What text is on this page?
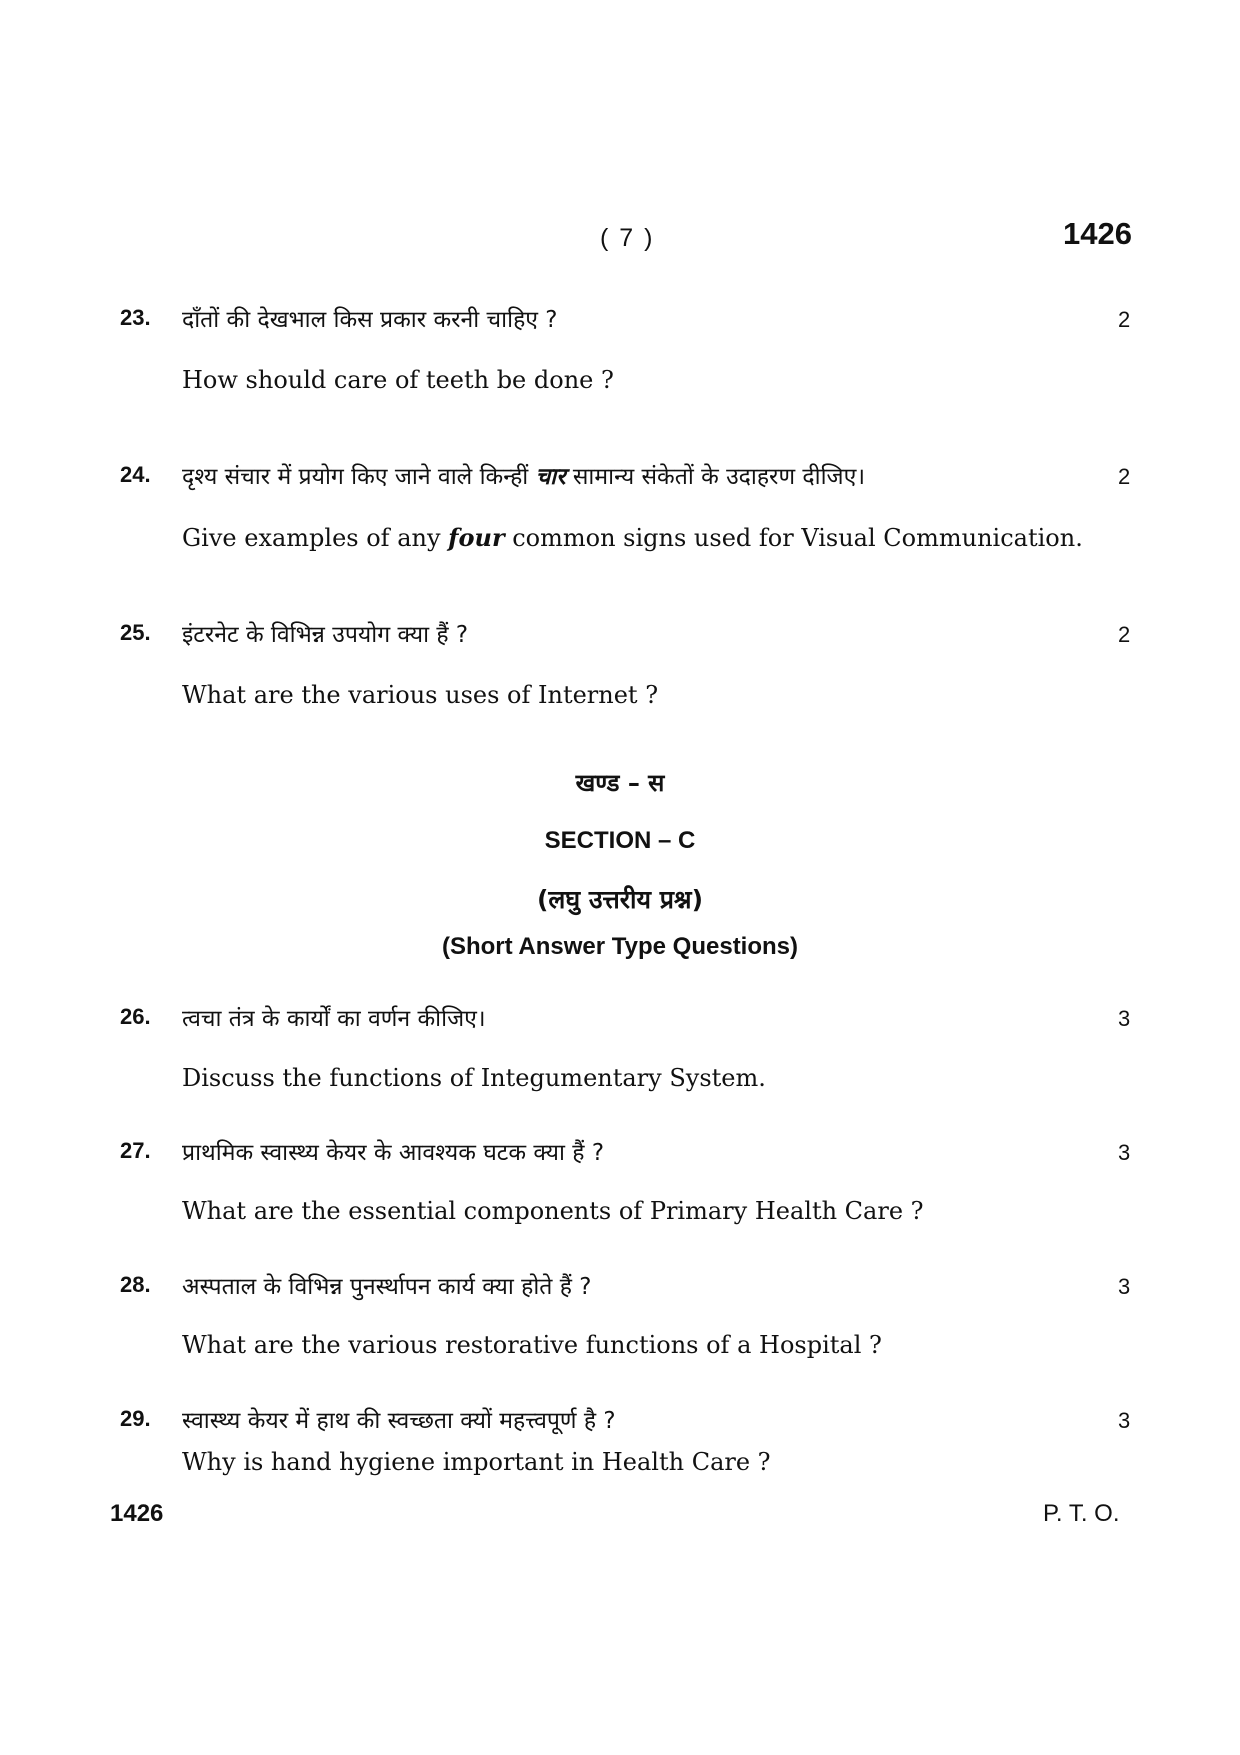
( 7 )	1426
23. दाँतों की देखभाल किस प्रकार करनी चाहिए ?	2
How should care of teeth be done ?
24. दृश्य संचार में प्रयोग किए जाने वाले किन्हीं चार सामान्य संकेतों के उदाहरण दीजिए।	2
Give examples of any four common signs used for Visual Communication.
25. इंटरनेट के विभिन्न उपयोग क्या हैं ?	2
What are the various uses of Internet ?
खण्ड – स
SECTION – C
(लघु उत्तरीय प्रश्न)
(Short Answer Type Questions)
26. त्वचा तंत्र के कार्यों का वर्णन कीजिए।	3
Discuss the functions of Integumentary System.
27. प्राथमिक स्वास्थ्य केयर के आवश्यक घटक क्या हैं ?	3
What are the essential components of Primary Health Care ?
28. अस्पताल के विभिन्न पुनर्स्थापन कार्य क्या होते हैं ?	3
What are the various restorative functions of a Hospital ?
29. स्वास्थ्य केयर में हाथ की स्वच्छता क्यों महत्त्वपूर्ण है ?	3
Why is hand hygiene important in Health Care ?
1426	P. T. O.
